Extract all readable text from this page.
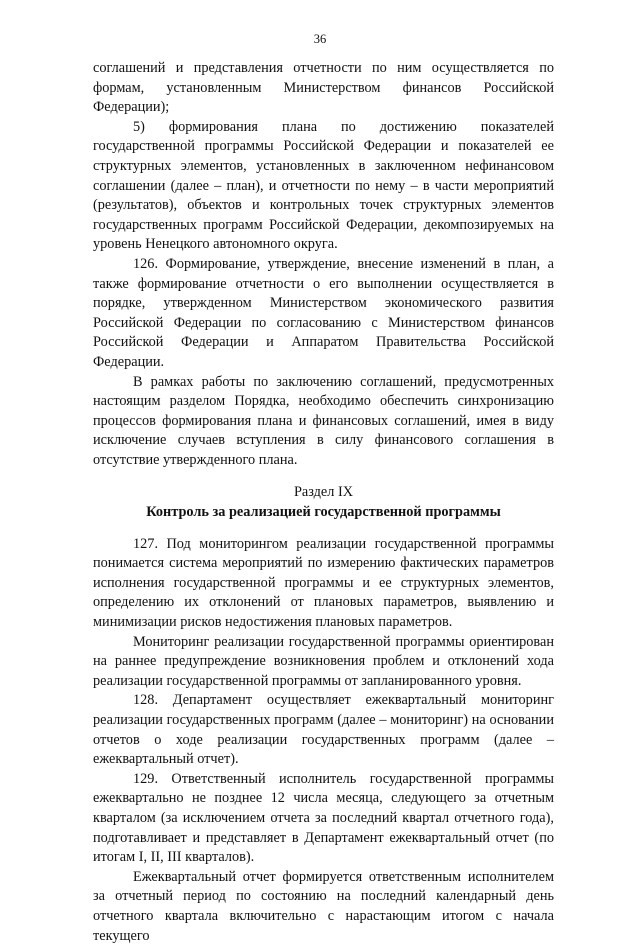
36

соглашений и представления отчетности по ним осуществляется по формам, установленным Министерством финансов Российской Федерации);

5) формирования плана по достижению показателей государственной программы Российской Федерации и показателей ее структурных элементов, установленных в заключенном нефинансовом соглашении (далее – план), и отчетности по нему – в части мероприятий (результатов), объектов и контрольных точек структурных элементов государственных программ Российской Федерации, декомпозируемых на уровень Ненецкого автономного округа.

126. Формирование, утверждение, внесение изменений в план, а также формирование отчетности о его выполнении осуществляется в порядке, утвержденном Министерством экономического развития Российской Федерации по согласованию с Министерством финансов Российской Федерации и Аппаратом Правительства Российской Федерации.

В рамках работы по заключению соглашений, предусмотренных настоящим разделом Порядка, необходимо обеспечить синхронизацию процессов формирования плана и финансовых соглашений, имея в виду исключение случаев вступления в силу финансового соглашения в отсутствие утвержденного плана.

Раздел IX

Контроль за реализацией государственной программы

127. Под мониторингом реализации государственной программы понимается система мероприятий по измерению фактических параметров исполнения государственной программы и ее структурных элементов, определению их отклонений от плановых параметров, выявлению и минимизации рисков недостижения плановых параметров.

Мониторинг реализации государственной программы ориентирован на раннее предупреждение возникновения проблем и отклонений хода реализации государственной программы от запланированного уровня.

128. Департамент осуществляет ежеквартальный мониторинг реализации государственных программ (далее – мониторинг) на основании отчетов о ходе реализации государственных программ (далее – ежеквартальный отчет).

129. Ответственный исполнитель государственной программы ежеквартально не позднее 12 числа месяца, следующего за отчетным кварталом (за исключением отчета за последний квартал отчетного года), подготавливает и представляет в Департамент ежеквартальный отчет (по итогам I, II, III кварталов).

Ежеквартальный отчет формируется ответственным исполнителем за отчетный период по состоянию на последний календарный день отчетного квартала включительно с нарастающим итогом с начала текущего
